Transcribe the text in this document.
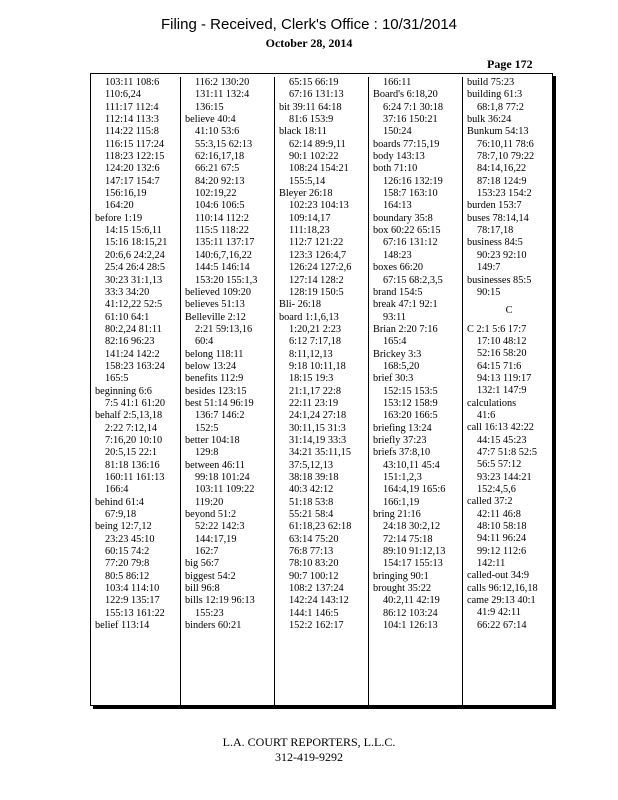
Filing - Received, Clerk's Office : 10/31/2014
October 28, 2014
Page 172
103:11 108:6
110:6,24
111:17 112:4
112:14 113:3
114:22 115:8
116:15 117:24
118:23 122:15
124:20 132:6
147:17 154:7
156:16,19
164:20
before 1:19
14:15 15:6,11
15:16 18:15,21
20:6,6 24:2,24
25:4 26:4 28:5
30:23 31:1,13
33:3 34:20
41:12,22 52:5
61:10 64:1
80:2,24 81:11
82:16 96:23
141:24 142:2
158:23 163:24
165:5
beginning 6:6
7:5 41:1 61:20
behalf 2:5,13,18
2:22 7:12,14
7:16,20 10:10
20:5,15 22:1
81:18 136:16
160:11 161:13
166:4
behind 61:4
67:9,18
being 12:7,12
23:23 45:10
60:15 74:2
77:20 79:8
80:5 86:12
103:4 114:10
122:9 135:17
155:13 161:22
belief 113:14
116:2 130:20
131:11 132:4
136:15
believe 40:4
41:10 53:6
55:3,15 62:13
62:16,17,18
66:21 67:5
84:20 92:13
102:19,22
104:6 106:5
110:14 112:2
115:5 118:22
135:11 137:17
140:6,7,16,22
144:5 146:14
153:20 155:1,3
believed 109:20
believes 51:13
Belleville 2:12
2:21 59:13,16
60:4
belong 118:11
below 13:24
benefits 112:9
besides 123:15
best 51:14 96:19
136:7 146:2
152:5
better 104:18
129:8
between 46:11
99:18 101:24
103:11 109:22
119:20
beyond 51:2
52:22 142:3
144:17,19
162:7
big 56:7
biggest 54:2
bill 96:8
bills 12:19 96:13
155:23
binders 60:21
65:15 66:19
67:16 131:13
bit 39:11 64:18
81:6 153:9
black 18:11
62:14 89:9,11
90:1 102:22
108:24 154:21
155:5,14
Bleyer 26:18
102:23 104:13
109:14,17
111:18,23
112:7 121:22
123:3 126:4,7
126:24 127:2,6
127:14 128:2
128:19 150:5
Bli- 26:18
board 1:1,6,13
1:20,21 2:23
6:12 7:17,18
8:11,12,13
9:18 10:11,18
18:15 19:3
21:1,17 22:8
22:11 23:19
24:1,24 27:18
30:11,15 31:3
31:14,19 33:3
34:21 35:11,15
37:5,12,13
38:18 39:18
40:3 42:12
51:18 53:8
55:21 58:4
61:18,23 62:18
63:14 75:20
76:8 77:13
78:10 83:20
90:7 100:12
108:2 137:24
142:24 143:12
144:1 146:5
152:2 162:17
166:11
Board's 6:18,20
6:24 7:1 30:18
37:16 150:21
150:24
boards 77:15,19
body 143:13
both 71:10
126:16 132:19
158:7 163:10
164:13
boundary 35:8
box 60:22 65:15
67:16 131:12
148:23
boxes 66:20
67:15 68:2,3,5
brand 154:5
break 47:1 92:1
93:11
Brian 2:20 7:16
165:4
Brickey 3:3
168:5,20
brief 30:3
152:15 153:5
153:12 158:9
163:20 166:5
briefing 13:24
briefly 37:23
briefs 37:8,10
43:10,11 45:4
151:1,2,3
164:4,19 165:6
166:1,19
bring 21:16
24:18 30:2,12
72:14 75:18
89:10 91:12,13
154:17 155:13
bringing 90:1
brought 35:22
40:2,11 42:19
86:12 103:24
104:1 126:13
build 75:23
building 61:3
68:1,8 77:2
bulk 36:24
Bunkum 54:13
76:10,11 78:6
78:7,10 79:22
84:14,16,22
87:18 124:9
153:23 154:2
burden 153:7
buses 78:14,14
78:17,18
business 84:5
90:23 92:10
149:7
businesses 85:5
90:15
C
C 2:1 5:6 17:7
17:10 48:12
52:16 58:20
64:15 71:6
94:13 119:17
132:1 147:9
calculations
41:6
call 16:13 42:22
44:15 45:23
47:7 51:8 52:5
56:5 57:12
93:23 144:21
152:4,5,6
called 37:2
42:11 46:8
48:10 58:18
94:11 96:24
99:12 112:6
142:11
called-out 34:9
calls 96:12,16,18
came 29:13 40:1
41:9 42:11
66:22 67:14
L.A. COURT REPORTERS, L.L.C.
312-419-9292
